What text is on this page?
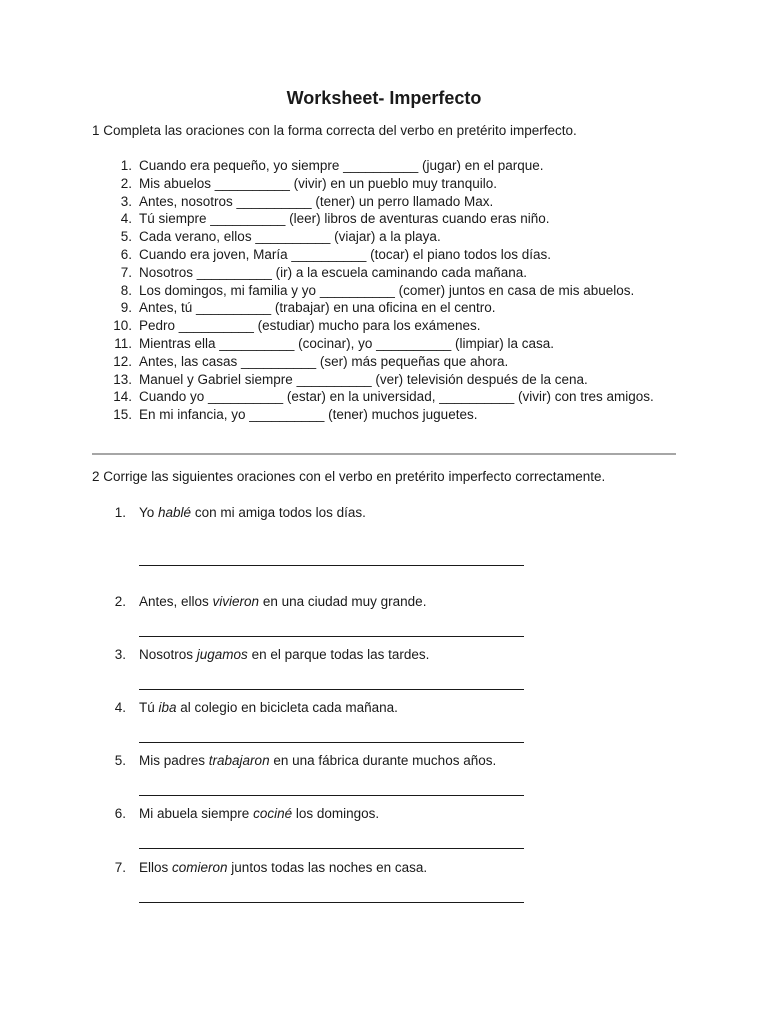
Worksheet- Imperfecto
1 Completa las oraciones con la forma correcta del verbo en pretérito imperfecto.
1. Cuando era pequeño, yo siempre __________ (jugar) en el parque.
2. Mis abuelos __________ (vivir) en un pueblo muy tranquilo.
3. Antes, nosotros __________ (tener) un perro llamado Max.
4. Tú siempre __________ (leer) libros de aventuras cuando eras niño.
5. Cada verano, ellos __________ (viajar) a la playa.
6. Cuando era joven, María __________ (tocar) el piano todos los días.
7. Nosotros __________ (ir) a la escuela caminando cada mañana.
8. Los domingos, mi familia y yo __________ (comer) juntos en casa de mis abuelos.
9. Antes, tú __________ (trabajar) en una oficina en el centro.
10. Pedro __________ (estudiar) mucho para los exámenes.
11. Mientras ella __________ (cocinar), yo __________ (limpiar) la casa.
12. Antes, las casas __________ (ser) más pequeñas que ahora.
13. Manuel y Gabriel siempre __________ (ver) televisión después de la cena.
14. Cuando yo __________ (estar) en la universidad, __________ (vivir) con tres amigos.
15. En mi infancia, yo __________ (tener) muchos juguetes.
2 Corrige las siguientes oraciones con el verbo en pretérito imperfecto correctamente.
1. Yo hablé con mi amiga todos los días.
2. Antes, ellos vivieron en una ciudad muy grande.
3. Nosotros jugamos en el parque todas las tardes.
4. Tú iba al colegio en bicicleta cada mañana.
5. Mis padres trabajaron en una fábrica durante muchos años.
6. Mi abuela siempre cociné los domingos.
7. Ellos comieron juntos todas las noches en casa.
